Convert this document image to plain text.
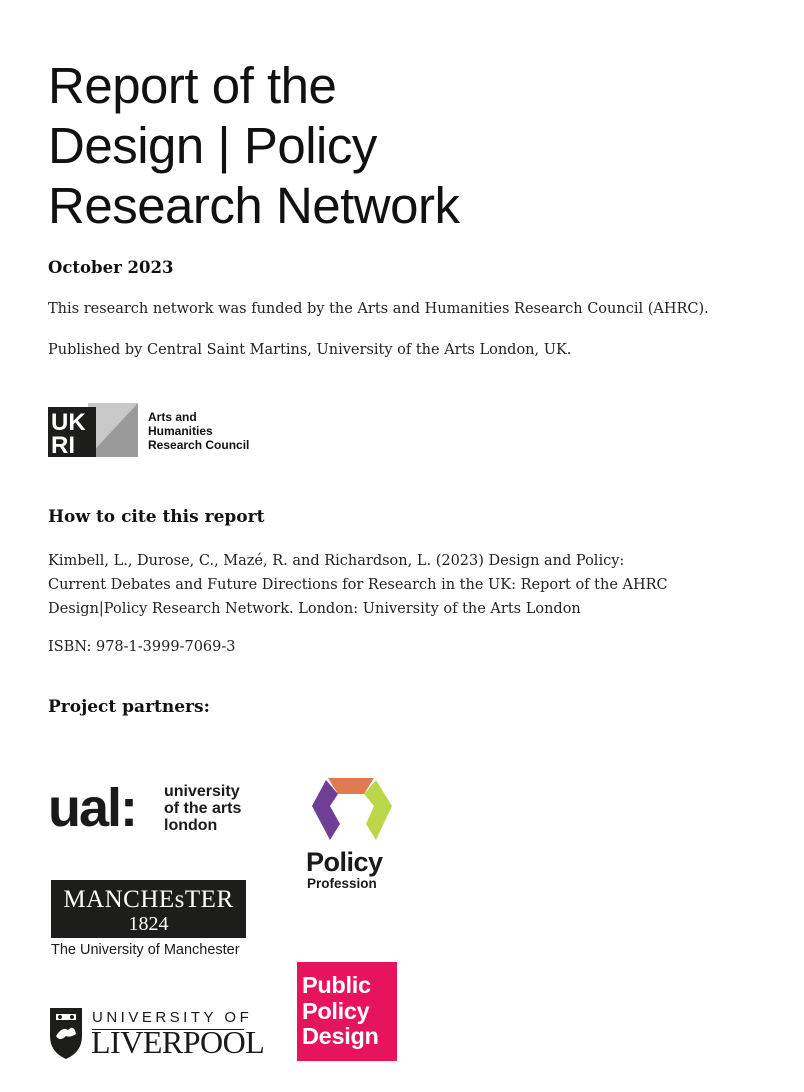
Report of the
Design | Policy
Research Network
October 2023
This research network was funded by the Arts and Humanities Research Council (AHRC).
Published by Central Saint Martins, University of the Arts London, UK.
UK
RI
Arts and
Humanities
Research Council
How to cite this report
Kimbell, L., Durose, C., Mazé, R. and Richardson, L. (2023) Design and Policy:
Current Debates and Future Directions for Research in the UK: Report of the AHRC
Design|Policy Research Network. London: University of the Arts London
ISBN: 978-1-3999-7069-3
Project partners:
ual: university
of the arts
london
Policy
Profession
MANCHEsTER
1824
The University of Manchester
UNIVERSITY OF
LIVERPOOL
Public
Policy
Design
